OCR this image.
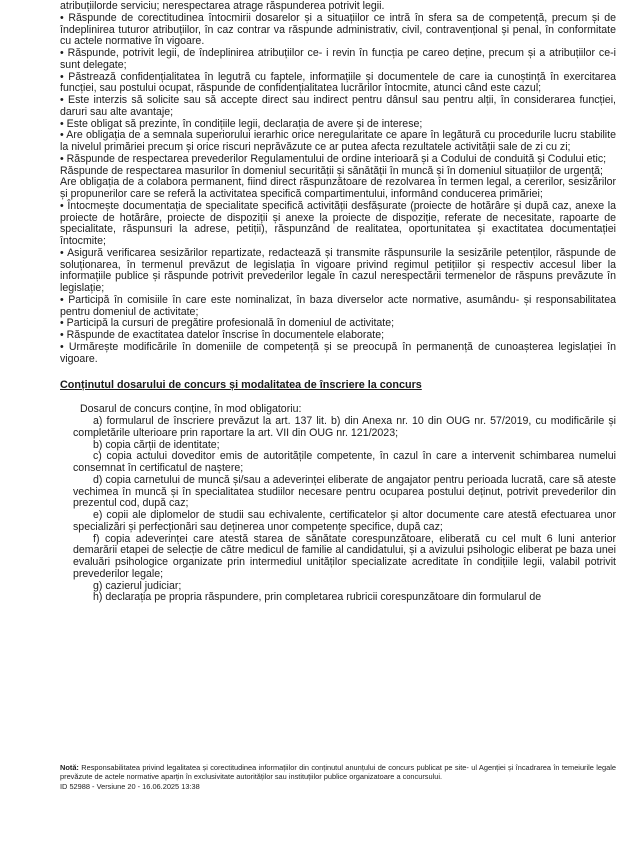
atribuțiilorde serviciu; nerespectarea atrage răspunderea potrivit legii.

• Răspunde de corectitudinea întocmirii dosarelor și a situațiilor ce intră în sfera sa de competență, precum și de îndeplinirea tuturor atribuțiilor, în caz contrar va răspunde administrativ, civil, contravențional și penal, în conformitate cu actele normative în vigoare.

• Răspunde, potrivit legii, de îndeplinirea atribuțiilor ce- i revin în funcția pe careo deține, precum și a atribuțiilor ce-i sunt delegate;

• Păstrează confidențialitatea în legutră cu faptele, informațiile și documentele de care ia cunoștință în exercitarea funcției, sau postului ocupat, răspunde de confidențialitatea lucrărilor întocmite, atunci când este cazul;

• Este interzis să solicite sau să accepte direct sau indirect pentru dânsul sau pentru alții, în considerarea funcției, daruri sau alte avantaje;

• Este obligat să prezinte, în condițiile legii, declarația de avere și de interese;

• Are obligația de a semnala superiorului ierarhic orice neregularitate ce apare în legătură cu procedurile lucru stabilite la nivelul primăriei precum și orice riscuri neprăvăzute ce ar putea afecta rezultatele activității sale de zi cu zi;

• Răspunde de respectarea prevederilor Regulamentului de ordine interioară și a Codului de conduită și Codului etic;

Răspunde de respectarea masurilor în domeniul securității și sănătății în muncă și în domeniul situațiilor de urgență;

Are obligația de a colabora permanent, fiind direct răspunzătoare de rezolvarea în termen legal, a cererilor, sesizărilor și propunerilor care se referă la activitatea specifică compartimentului, informând conducerea primăriei;

• Întocmește documentația de specialitate specifică activității desfășurate (proiecte de hotărâre și după caz, anexe la proiecte de hotărâre, proiecte de dispoziții și anexe la proiecte de dispoziție, referate de necesitate, rapoarte de specialitate, răspunsuri la adrese, petiții), răspunzând de realitatea, oportunitatea și exactitatea documentației întocmite;

• Asigură verificarea sesizărilor repartizate, redactează și transmite răspunsurile la sesizările petenților, răspunde de soluționarea, în termenul prevăzut de legislația în vigoare privind regimul petițiilor și respectiv accesul liber la informațiile publice și răspunde potrivit prevederilor legale în cazul nerespectării termenelor de răspuns prevăzute în legislație;

• Participă în comisiile în care este nominalizat, în baza diverselor acte normative, asumându- și responsabilitatea pentru domeniul de activitate;

• Participă la cursuri de pregătire profesională în domeniul de activitate;

• Răspunde de exactitatea datelor înscrise în documentele elaborate;

• Urmărește modificările în domeniile de competență și se preocupă în permanență de cunoașterea legislației în vigoare.

Conținutul dosarului de concurs și modalitatea de înscriere la concurs

Dosarul de concurs conține, în mod obligatoriu:

a) formularul de înscriere prevăzut la art. 137 lit. b) din Anexa nr. 10 din OUG nr. 57/2019, cu modificările și completările ulterioare prin raportare la art. VII din OUG nr. 121/2023;

b) copia cărții de identitate;

c) copia actului doveditor emis de autoritățile competente, în cazul în care a intervenit schimbarea numelui consemnat în certificatul de naștere;

d) copia carnetului de muncă și/sau a adeverinței eliberate de angajator pentru perioada lucrată, care să ateste vechimea în muncă și în specialitatea studiilor necesare pentru ocuparea postului deținut, potrivit prevederilor din prezentul cod, după caz;

e) copii ale diplomelor de studii sau echivalente, certificatelor și altor documente care atestă efectuarea unor specializări și perfecționări sau deținerea unor competențe specifice, după caz;

f) copia adeverinței care atestă starea de sănătate corespunzătoare, eliberată cu cel mult 6 luni anterior demarării etapei de selecție de către medicul de familie al candidatului, și a avizului psihologic eliberat pe baza unei evaluări psihologice organizate prin intermediul unităților specializate acreditate în condițiile legii, valabil potrivit prevederilor legale;

g) cazierul judiciar;

h) declarația pe propria răspundere, prin completarea rubricii corespunzătoare din formularul de

Notă: Responsabilitatea privind legalitatea și corectitudinea informațiilor din conținutul anunțului de concurs publicat pe site- ul Agenției și încadrarea în temeiurile legale prevăzute de actele normative aparțin în exclusivitate autorităților sau instituțiilor publice organizatoare a concursului.

ID 52988 - Versiune 20 - 16.06.2025 13:38
